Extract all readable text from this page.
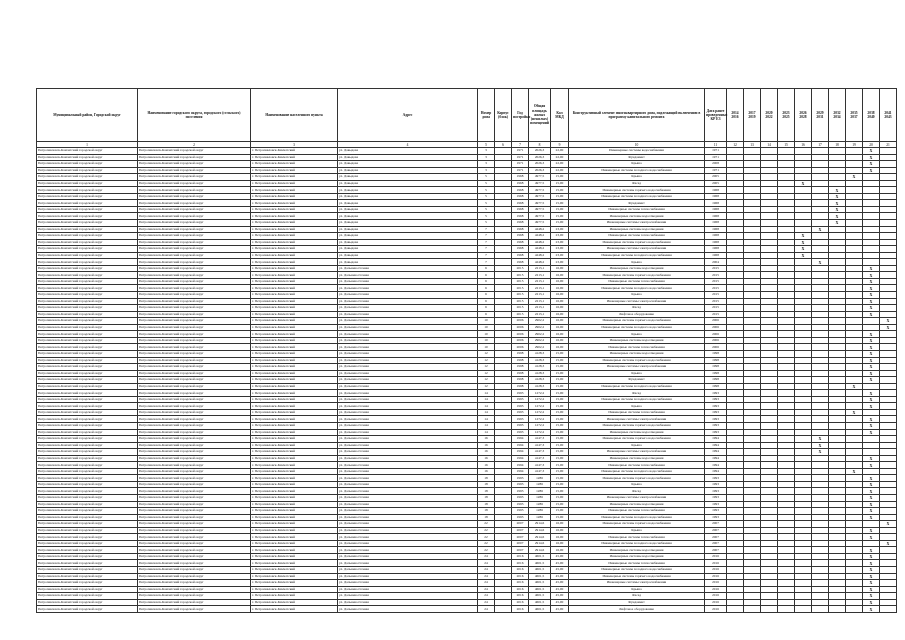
Муниципальный район, Городской округ	Наименование городского округа, городского (сельского) поселения	Наименование населенного пункта	Адрес	Номер дома	Корпус (блок)	Год постройки	Общая площадь жилых (нежилых) помещений	Кол МКД	Конструктивный элемент многоквартирного дома, подлежащий включению в программу капитального ремонта	Дата ранее проведенных КР ЕЗ	2014 2016	2017 2019	2020 2022	2023 2025	2026 2028	2029 2031	2032 2034	2035 2037	2038 2040	2041 2043
1	2	3	4	5	6	7	8	9	10	11	12	13	14	15	16	17	18	19	20	21
Петропавловск-Камчатский городской округ	Петропавловск-Камчатский городской округ	г. Петропавловск-Камчатский	ул. Давыдова	3		1971	2026,3	22,00	Инженерные системы водоснабжения	1971									X	
Петропавловск-Камчатский городской округ	Петропавловск-Камчатский городской округ	г. Петропавловск-Камчатский	ул. Давыдова	3		1971	2026,3	22,00	Фундамент	1971									X	
Петропавловск-Камчатский городской округ	Петропавловск-Камчатский городской округ	г. Петропавловск-Камчатский	ул. Давыдова	3		1971	2026,3	22,00	Крыша	2008									X	
Петропавловск-Камчатский городской округ	Петропавловск-Камчатский городской округ	г. Петропавловск-Камчатский	ул. Давыдова	3		1971	2026,3	22,00	Инженерные системы холодного водоснабжения	1971									X	
Петропавловск-Камчатский городской округ	Петропавловск-Камчатский городской округ	г. Петропавловск-Камчатский	ул. Давыдова	5		1968	4977,5	15,00	Крыша	2005								X		
Петропавловск-Камчатский городской округ	Петропавловск-Камчатский городской округ	г. Петропавловск-Камчатский	ул. Давыдова	5		1968	4977,5	15,00	Фасад	2005					X					
Петропавловск-Камчатский городской округ	Петропавловск-Камчатский городской округ	г. Петропавловск-Камчатский	ул. Давыдова	5		1968	4977,5	15,00	Инженерные системы горячего водоснабжения	1968							X			
Петропавловск-Камчатский городской округ	Петропавловск-Камчатский городской округ	г. Петропавловск-Камчатский	ул. Давыдова	5		1968	4977,5	15,00	Инженерные системы холодного водоснабжения	1968							X			
Петропавловск-Камчатский городской округ	Петропавловск-Камчатский городской округ	г. Петропавловск-Камчатский	ул. Давыдова	5		1968	4977,5	15,00	Фундамент	1968							X			
Петропавловск-Камчатский городской округ	Петропавловск-Камчатский городской округ	г. Петропавловск-Камчатский	ул. Давыдова	5		1968	4977,5	15,00	Инженерные системы теплоснабжения	1968							X			
Петропавловск-Камчатский городской округ	Петропавловск-Камчатский городской округ	г. Петропавловск-Камчатский	ул. Давыдова	5		1968	4977,5	15,00	Инженерные системы водоотведения	1968							X			
Петропавловск-Камчатский городской округ	Петропавловск-Камчатский городской округ	г. Петропавловск-Камчатский	ул. Давыдова	5		1968	4977,5	15,00	Инженерные системы электроснабжения	1968							X			
Петропавловск-Камчатский городской округ	Петропавловск-Камчатский городской округ	г. Петропавловск-Камчатский	ул. Давыдова	7		1968	4248,2	23,00	Инженерные системы водоотведения	1968						X				
Петропавловск-Камчатский городской округ	Петропавловск-Камчатский городской округ	г. Петропавловск-Камчатский	ул. Давыдова	7		1968	4248,2	23,00	Инженерные системы теплоснабжения	1968					X					
Петропавловск-Камчатский городской округ	Петропавловск-Камчатский городской округ	г. Петропавловск-Камчатский	ул. Давыдова	7		1968	4248,2	23,00	Инженерные системы горячего водоснабжения	1968					X					
Петропавловск-Камчатский городской округ	Петропавловск-Камчатский городской округ	г. Петропавловск-Камчатский	ул. Давыдова	7		1968	4248,2	23,00	Инженерные системы электроснабжения	1968					X					
Петропавловск-Камчатский городской округ	Петропавловск-Камчатский городской округ	г. Петропавловск-Камчатский	ул. Давыдова	7		1968	4248,2	23,00	Инженерные системы холодного водоснабжения	1968					X					
Петропавловск-Камчатский городской округ	Петропавловск-Камчатский городской округ	г. Петропавловск-Камчатский	ул. Давыдова	7		1968	4248,2	23,00	Крыша	2004						X				
Петропавловск-Камчатский городской округ	Петропавловск-Камчатский городской округ	г. Петропавловск-Камчатский	ул. Дальневосточная	6		2015	2213,1	16,00	Инженерные системы водоотведения	2015									X	
Петропавловск-Камчатский городской округ	Петропавловск-Камчатский городской округ	г. Петропавловск-Камчатский	ул. Дальневосточная	6		2015	2213,1	16,00	Инженерные системы горячего водоснабжения	2015									X	
Петропавловск-Камчатский городской округ	Петропавловск-Камчатский городской округ	г. Петропавловск-Камчатский	ул. Дальневосточная	6		2015	2213,1	16,00	Инженерные системы теплоснабжения	2015									X	
Петропавловск-Камчатский городской округ	Петропавловск-Камчатский городской округ	г. Петропавловск-Камчатский	ул. Дальневосточная	6		2015	2213,1	16,00	Инженерные системы холодного водоснабжения	2015									X	
Петропавловск-Камчатский городской округ	Петропавловск-Камчатский городской округ	г. Петропавловск-Камчатский	ул. Дальневосточная	6		2015	2213,1	16,00	Крыша	2015									X	
Петропавловск-Камчатский городской округ	Петропавловск-Камчатский городской округ	г. Петропавловск-Камчатский	ул. Дальневосточная	6		2015	2213,1	16,00	Инженерные системы электроснабжения	2015									X	
Петропавловск-Камчатский городской округ	Петропавловск-Камчатский городской округ	г. Петропавловск-Камчатский	ул. Дальневосточная	6		2015	2213,1	16,00	Фасад	2015									X	
Петропавловск-Камчатский городской округ	Петропавловск-Камчатский городской округ	г. Петропавловск-Камчатский	ул. Дальневосточная	6		2015	2213,1	16,00	Лифтовое оборудование	2015									X	
Петропавловск-Камчатский городской округ	Петропавловск-Камчатский городской округ	г. Петропавловск-Камчатский	ул. Дальневосточная	10		2006	2902,2	16,00	Инженерные системы горячего водоснабжения	2006										X
Петропавловск-Камчатский городской округ	Петропавловск-Камчатский городской округ	г. Петропавловск-Камчатский	ул. Дальневосточная	10		2006	2902,2	16,00	Инженерные системы холодного водоснабжения	2006										X
Петропавловск-Камчатский городской округ	Петропавловск-Камчатский городской округ	г. Петропавловск-Камчатский	ул. Дальневосточная	10		2006	2902,2	16,00	Крыша	2006									X	
Петропавловск-Камчатский городской округ	Петропавловск-Камчатский городской округ	г. Петропавловск-Камчатский	ул. Дальневосточная	10		2006	2902,2	16,00	Инженерные системы водоотведения	2006									X	
Петропавловск-Камчатский городской округ	Петропавловск-Камчатский городской округ	г. Петропавловск-Камчатский	ул. Дальневосточная	10		2006	2902,2	16,00	Инженерные системы теплоснабжения	2006									X	
Петропавловск-Камчатский городской округ	Петропавловск-Камчатский городской округ	г. Петропавловск-Камчатский	ул. Дальневосточная	12		1998	4128,3	15,00	Инженерные системы водоотведения	1998									X	
Петропавловск-Камчатский городской округ	Петропавловск-Камчатский городской округ	г. Петропавловск-Камчатский	ул. Дальневосточная	12		1998	4128,3	15,00	Инженерные системы горячего водоснабжения	1998									X	
Петропавловск-Камчатский городской округ	Петропавловск-Камчатский городской округ	г. Петропавловск-Камчатский	ул. Дальневосточная	12		1998	4128,3	15,00	Инженерные системы электроснабжения	1998									X	
Петропавловск-Камчатский городской округ	Петропавловск-Камчатский городской округ	г. Петропавловск-Камчатский	ул. Дальневосточная	12		1998	4128,3	15,00	Крыша	1998									X	
Петропавловск-Камчатский городской округ	Петропавловск-Камчатский городской округ	г. Петропавловск-Камчатский	ул. Дальневосточная	12		1998	4128,3	15,00	Фундамент	1998									X	
Петропавловск-Камчатский городской округ	Петропавловск-Камчатский городской округ	г. Петропавловск-Камчатский	ул. Дальневосточная	12		1998	4128,3	15,00	Инженерные системы холодного водоснабжения	1998								X		
Петропавловск-Камчатский городской округ	Петропавловск-Камчатский городской округ	г. Петропавловск-Камчатский	ул. Дальневосточная	14		1993	1272,2	15,00	Фасад	1993									X	
Петропавловск-Камчатский городской округ	Петропавловск-Камчатский городской округ	г. Петропавловск-Камчатский	ул. Дальневосточная	14		1993	1272,2	15,00	Инженерные системы холодного водоснабжения	1993									X	
Петропавловск-Камчатский городской округ	Петропавловск-Камчатский городской округ	г. Петропавловск-Камчатский	ул. Дальневосточная	14		1993	1272,2	15,00	Крыша	1993									X	
Петропавловск-Камчатский городской округ	Петропавловск-Камчатский городской округ	г. Петропавловск-Камчатский	ул. Дальневосточная	14		1993	1272,2	15,00	Инженерные системы теплоснабжения	1993								X		
Петропавловск-Камчатский городской округ	Петропавловск-Камчатский городской округ	г. Петропавловск-Камчатский	ул. Дальневосточная	14		1993	1272,2	15,00	Инженерные системы электроснабжения	1993									X	
Петропавловск-Камчатский городской округ	Петропавловск-Камчатский городской округ	г. Петропавловск-Камчатский	ул. Дальневосточная	14		1993	1272,2	15,00	Инженерные системы горячего водоснабжения	1993									X	
Петропавловск-Камчатский городской округ	Петропавловск-Камчатский городской округ	г. Петропавловск-Камчатский	ул. Дальневосточная	14		1993	1272,2	15,00	Инженерные системы водоотведения	1993									X	
Петропавловск-Камчатский городской округ	Петропавловск-Камчатский городской округ	г. Петропавловск-Камчатский	ул. Дальневосточная	16		1994	4147,3	15,00	Инженерные системы горячего водоснабжения	1994						X				
Петропавловск-Камчатский городской округ	Петропавловск-Камчатский городской округ	г. Петропавловск-Камчатский	ул. Дальневосточная	16		1994	4147,3	15,00	Крыша	1994						X				
Петропавловск-Камчатский городской округ	Петропавловск-Камчатский городской округ	г. Петропавловск-Камчатский	ул. Дальневосточная	16		1994	4147,3	15,00	Инженерные системы электроснабжения	1994						X				
Петропавловск-Камчатский городской округ	Петропавловск-Камчатский городской округ	г. Петропавловск-Камчатский	ул. Дальневосточная	16		1994	4147,3	15,00	Инженерные системы водоотведения	1994									X	
Петропавловск-Камчатский городской округ	Петропавловск-Камчатский городской округ	г. Петропавловск-Камчатский	ул. Дальневосточная	16		1994	4147,3	15,00	Инженерные системы теплоснабжения	1994									X	
Петропавловск-Камчатский городской округ	Петропавловск-Камчатский городской округ	г. Петропавловск-Камчатский	ул. Дальневосточная	16		1994	4147,3	15,00	Инженерные системы холодного водоснабжения	1994								X		
Петропавловск-Камчатский городской округ	Петропавловск-Камчатский городской округ	г. Петропавловск-Камчатский	ул. Дальневосточная	18		1993	1286	15,00	Инженерные системы горячего водоснабжения	1993									X	
Петропавловск-Камчатский городской округ	Петропавловск-Камчатский городской округ	г. Петропавловск-Камчатский	ул. Дальневосточная	18		1993	1286	15,00	Крыша	1993									X	
Петропавловск-Камчатский городской округ	Петропавловск-Камчатский городской округ	г. Петропавловск-Камчатский	ул. Дальневосточная	18		1993	1286	15,00	Фасад	1993									X	
Петропавловск-Камчатский городской округ	Петропавловск-Камчатский городской округ	г. Петропавловск-Камчатский	ул. Дальневосточная	18		1993	1286	15,00	Инженерные системы электроснабжения	1993									X	
Петропавловск-Камчатский городской округ	Петропавловск-Камчатский городской округ	г. Петропавловск-Камчатский	ул. Дальневосточная	18		1993	1286	15,00	Инженерные системы водоотведения	1993									X	
Петропавловск-Камчатский городской округ	Петропавловск-Камчатский городской округ	г. Петропавловск-Камчатский	ул. Дальневосточная	18		1993	1286	15,00	Инженерные системы теплоснабжения	1993									X	
Петропавловск-Камчатский городской округ	Петропавловск-Камчатский городской округ	г. Петропавловск-Камчатский	ул. Дальневосточная	18		1993	1286	15,00	Инженерные системы холодного водоснабжения	1993									X	
Петропавловск-Камчатский городской округ	Петропавловск-Камчатский городской округ	г. Петропавловск-Камчатский	ул. Дальневосточная	22		2007	2914,6	16,00	Инженерные системы горячего водоснабжения	2007										X
Петропавловск-Камчатский городской округ	Петропавловск-Камчатский городской округ	г. Петропавловск-Камчатский	ул. Дальневосточная	22		2007	2914,6	16,00	Крыша	2007									X	
Петропавловск-Камчатский городской округ	Петропавловск-Камчатский городской округ	г. Петропавловск-Камчатский	ул. Дальневосточная	22		2007	2914,6	16,00	Инженерные системы теплоснабжения	2007									X	
Петропавловск-Камчатский городской округ	Петропавловск-Камчатский городской округ	г. Петропавловск-Камчатский	ул. Дальневосточная	22		2007	2914,6	16,00	Инженерные системы холодного водоснабжения	2007										X
Петропавловск-Камчатский городской округ	Петропавловск-Камчатский городской округ	г. Петропавловск-Камчатский	ул. Дальневосточная	22		2007	2914,6	16,00	Инженерные системы водоотведения	2007									X	
Петропавловск-Камчатский городской округ	Петропавловск-Камчатский городской округ	г. Петропавловск-Камчатский	ул. Дальневосточная	24		2016	4601,5	45,00	Инженерные системы водоотведения	2016									X	
Петропавловск-Камчатский городской округ	Петропавловск-Камчатский городской округ	г. Петропавловск-Камчатский	ул. Дальневосточная	24		2016	4601,5	45,00	Инженерные системы теплоснабжения	2016									X	
Петропавловск-Камчатский городской округ	Петропавловск-Камчатский городской округ	г. Петропавловск-Камчатский	ул. Дальневосточная	24		2016	4601,5	45,00	Инженерные системы холодного водоснабжения	2016									X	
Петропавловск-Камчатский городской округ	Петропавловск-Камчатский городской округ	г. Петропавловск-Камчатский	ул. Дальневосточная	24		2016	4601,5	45,00	Инженерные системы горячего водоснабжения	2016									X	
Петропавловск-Камчатский городской округ	Петропавловск-Камчатский городской округ	г. Петропавловск-Камчатский	ул. Дальневосточная	24		2016	4601,5	45,00	Инженерные системы электроснабжения	2016									X	
Петропавловск-Камчатский городской округ	Петропавловск-Камчатский городской округ	г. Петропавловск-Камчатский	ул. Дальневосточная	24		2016	4601,5	45,00	Крыша	2016									X	
Петропавловск-Камчатский городской округ	Петропавловск-Камчатский городской округ	г. Петропавловск-Камчатский	ул. Дальневосточная	24		2016	4601,5	45,00	Фасад	2016									X	
Петропавловск-Камчатский городской округ	Петропавловск-Камчатский городской округ	г. Петропавловск-Камчатский	ул. Дальневосточная	24		2016	4601,5	45,00	Фундамент	2016									X	
Петропавловск-Камчатский городской округ	Петропавловск-Камчатский городской округ	г. Петропавловск-Камчатский	ул. Дальневосточная	24		2016	4601,5	45,00	Лифтовое оборудование	2016									X	
